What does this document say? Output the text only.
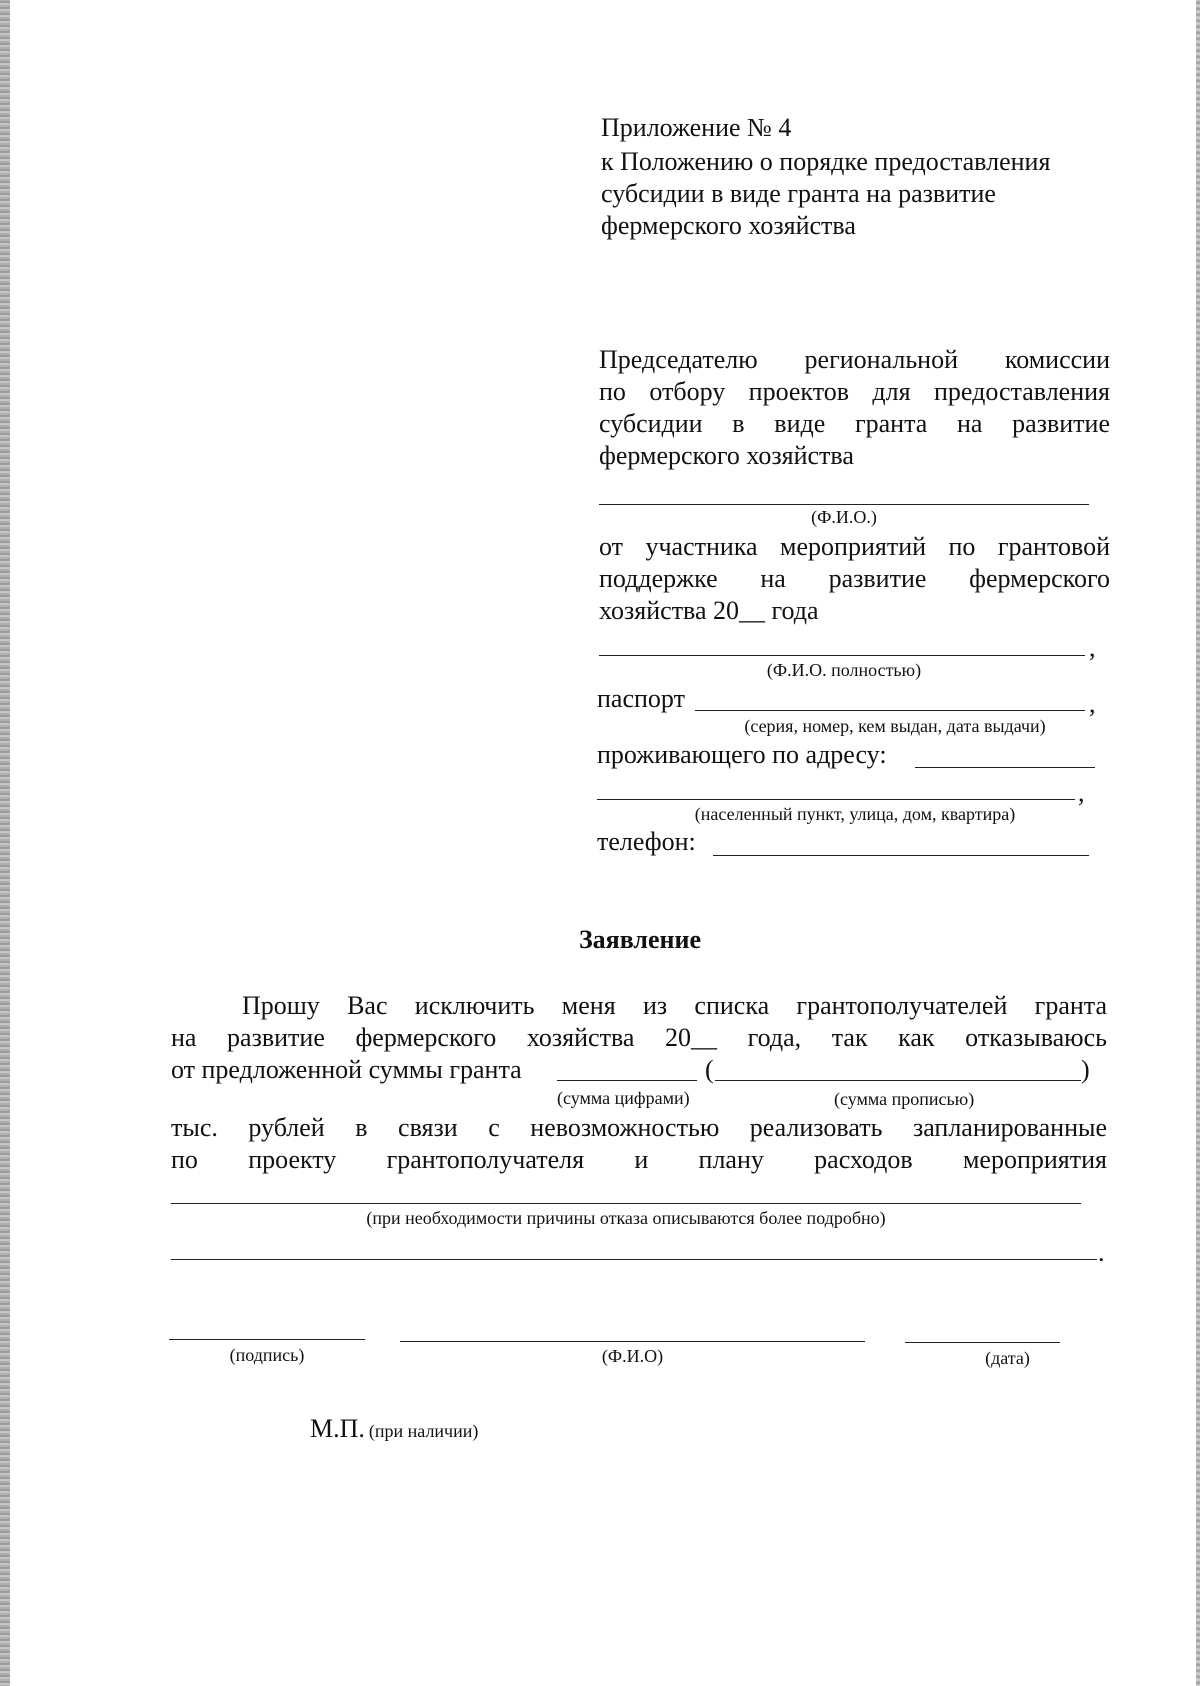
Приложение № 4
к Положению о порядке предоставления
субсидии в виде гранта на развитие
фермерского хозяйства
Председателю региональной комиссии
по отбору проектов для предоставления
субсидии в виде гранта на развитие
фермерского хозяйства
(Ф.И.О.)
от участника мероприятий по грантовой
поддержке на развитие фермерского
хозяйства 20__ года
,
(Ф.И.О. полностью)
паспорт	,
(серия, номер, кем выдан, дата выдачи)
проживающего по адресу:
,
(населенный пункт, улица, дом, квартира)
телефон:
Заявление
Прошу Вас исключить меня из списка грантополучателей гранта
на развитие фермерского хозяйства 20__ года, так как отказываюсь
от предложенной суммы гранта	(	)
(сумма цифрами)	(сумма прописью)
тыс. рублей в связи с невозможностью реализовать запланированные
по проекту грантополучателя и плану расходов мероприятия
(при необходимости причины отказа описываются более подробно)
.
(подпись)	(Ф.И.О)	(дата)
М.П. (при наличии)
